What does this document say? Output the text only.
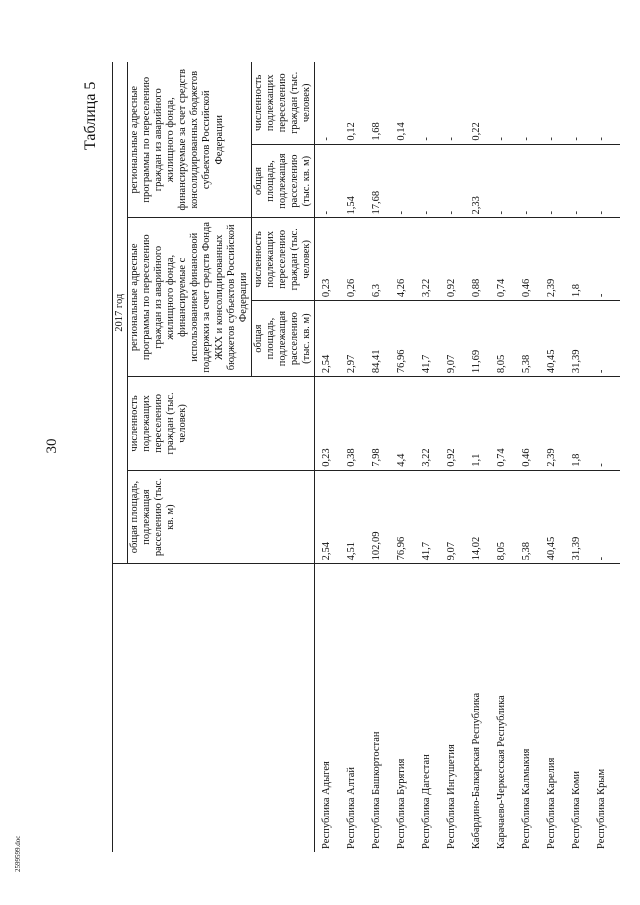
30
Таблица 5
2599599.doc
	2017 год					
	общая площадь, подлежащая расселению (тыс. кв. м)	численность подлежащих переселению граждан (тыс. человек)	региональные адресные программы по переселению граждан из аварийного жилищного фонда, финансируемые с использованием финансовой поддержки за счет средств Фонда ЖКХ и консолидированных бюджетов субъектов Российской Федерации		региональные адресные программы по переселению граждан из аварийного жилищного фонда, финансируемые за счет средств консолидированных бюджетов субъектов Российской Федерации	
			общая площадь, подлежащая расселению (тыс. кв. м)	численность подлежащих переселению граждан (тыс. человек)	общая площадь, подлежащая расселению (тыс. кв. м)	численность подлежащих переселению граждан (тыс. человек)
Республика Адыгея	2,54	0,23	2,54	0,23	-	-
Республика Алтай	4,51	0,38	2,97	0,26	1,54	0,12
Республика Башкортостан	102,09	7,98	84,41	6,3	17,68	1,68
Республика Бурятия	76,96	4,4	76,96	4,26	-	0,14
Республика Дагестан	41,7	3,22	41,7	3,22	-	-
Республика Ингушетия	9,07	0,92	9,07	0,92	-	-
Кабардино-Балкарская Республика	14,02	1,1	11,69	0,88	2,33	0,22
Карачаево-Черкесская Республика	8,05	0,74	8,05	0,74	-	-
Республика Калмыкия	5,38	0,46	5,38	0,46	-	-
Республика Карелия	40,45	2,39	40,45	2,39	-	-
Республика Коми	31,39	1,8	31,39	1,8	-	-
Республика Крым	-	-	-	-	-	-
